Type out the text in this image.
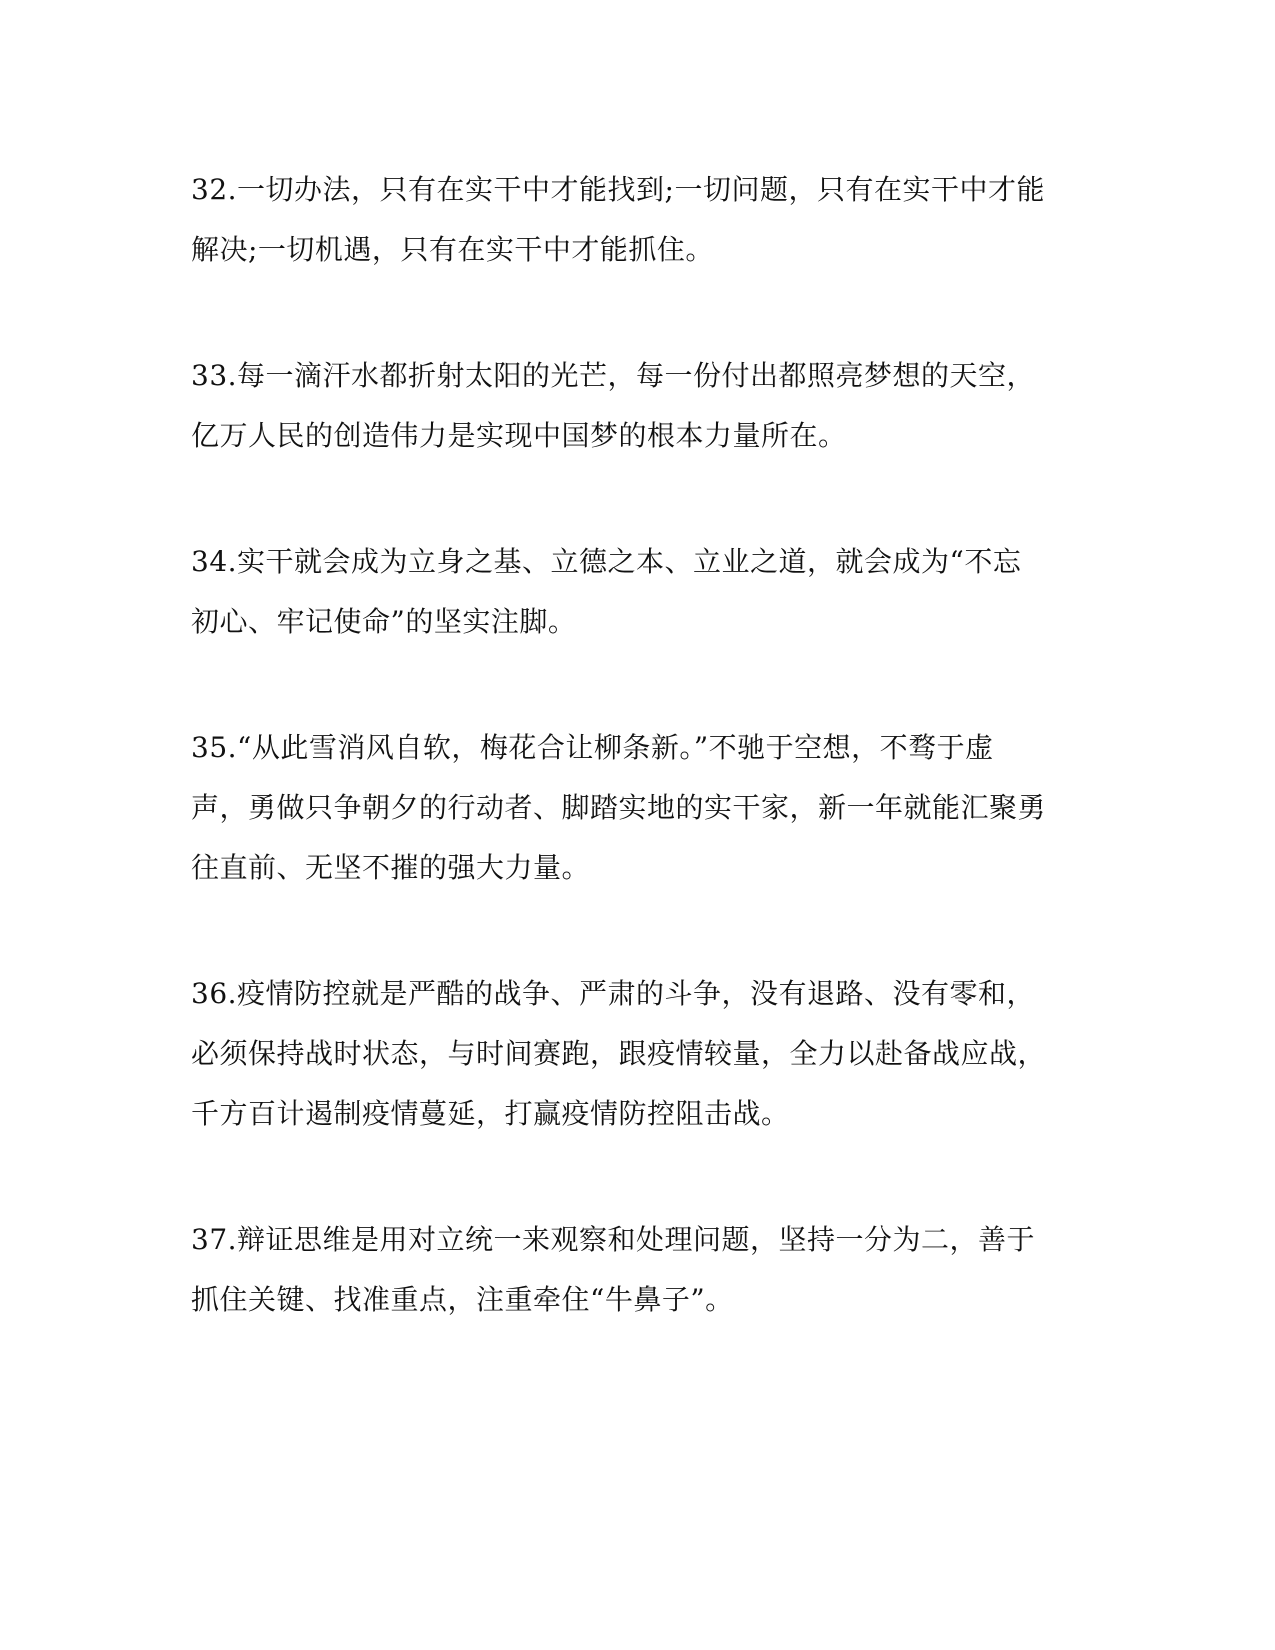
32.一切办法，只有在实干中才能找到;一切问题，只有在实干中才能
解决;一切机遇，只有在实干中才能抓住。
33.每一滴汗水都折射太阳的光芒，每一份付出都照亮梦想的天空，
亿万人民的创造伟力是实现中国梦的根本力量所在。
34.实干就会成为立身之基、立德之本、立业之道，就会成为“不忘
初心、牢记使命”的坚实注脚。
35.“从此雪消风自软，梅花合让柳条新。”不驰于空想，不骛于虚
声，勇做只争朝夕的行动者、脚踏实地的实干家，新一年就能汇聚勇
往直前、无坚不摧的强大力量。
36.疫情防控就是严酷的战争、严肃的斗争，没有退路、没有零和，
必须保持战时状态，与时间赛跑，跟疫情较量，全力以赴备战应战，
千方百计遏制疫情蔓延，打赢疫情防控阻击战。
37.辩证思维是用对立统一来观察和处理问题，坚持一分为二，善于
抓住关键、找准重点，注重牵住“牛鼻子”。
